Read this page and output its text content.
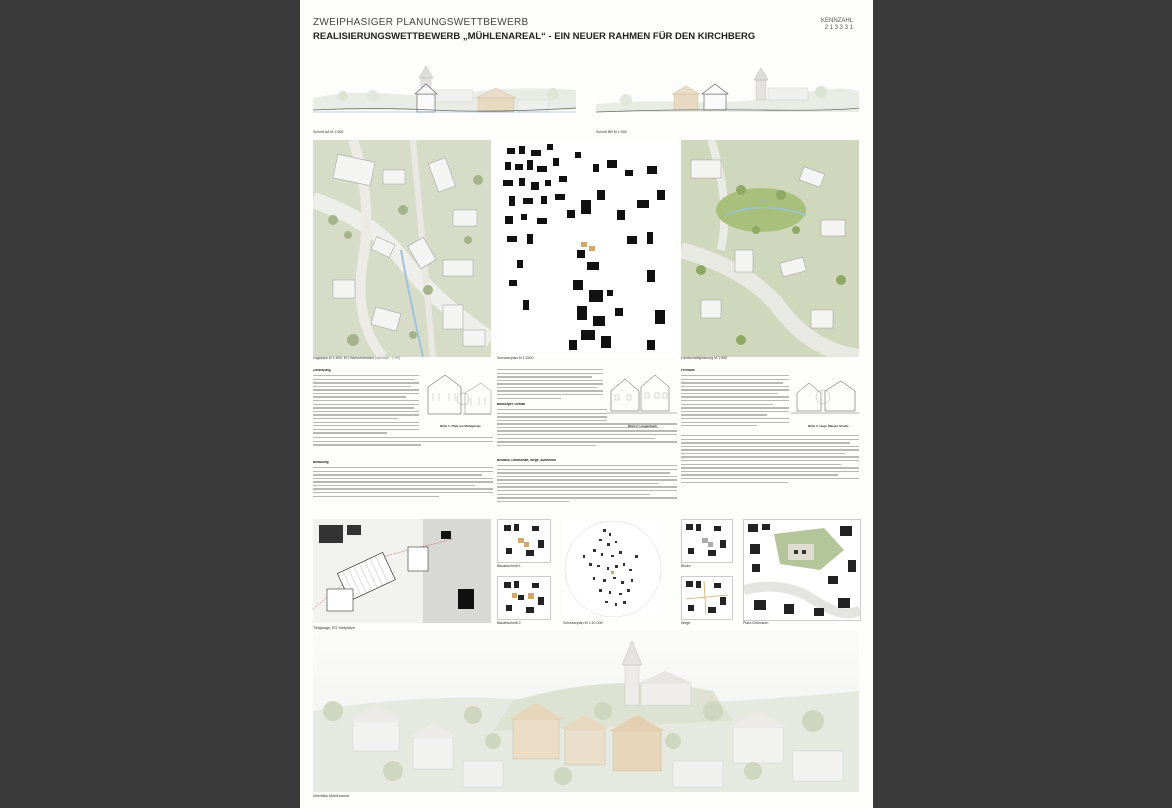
ZWEIPHASIGER PLANUNGSWETTBEWERB
REALISIERUNGSWETTBEWERB „MÜHLENAREAL“ - EIN NEUER RAHMEN FÜR DEN KIRCHBERG
KENNZAHL
2 1 3 3 3 1
Schnitt AA M 1:500	Schnitt BB M 1:500
Lageplan M 1:500, EG Wohneinheiten (optional - 1:50)	Schwarzplan M 1:2500	Landschaftsplanung M 1:500
Zielsetzung
Bebauung
Blick 1: Platz am Mühlgässle
Baukörper, Gestalt
Bestand, Landschaft, Wege, Außenhalt
Blick 2: Langenbach
Freiraum
Blick 3: Hugo Mäulen Straße
Tiefgarage, EG Stellplätze
Bauabschnitt 1
Bauabschnitt 2	Schwarzplan M 1:10.000
Blicke
Wege	Platz-Grünraum
Überblick Mühlenareal
